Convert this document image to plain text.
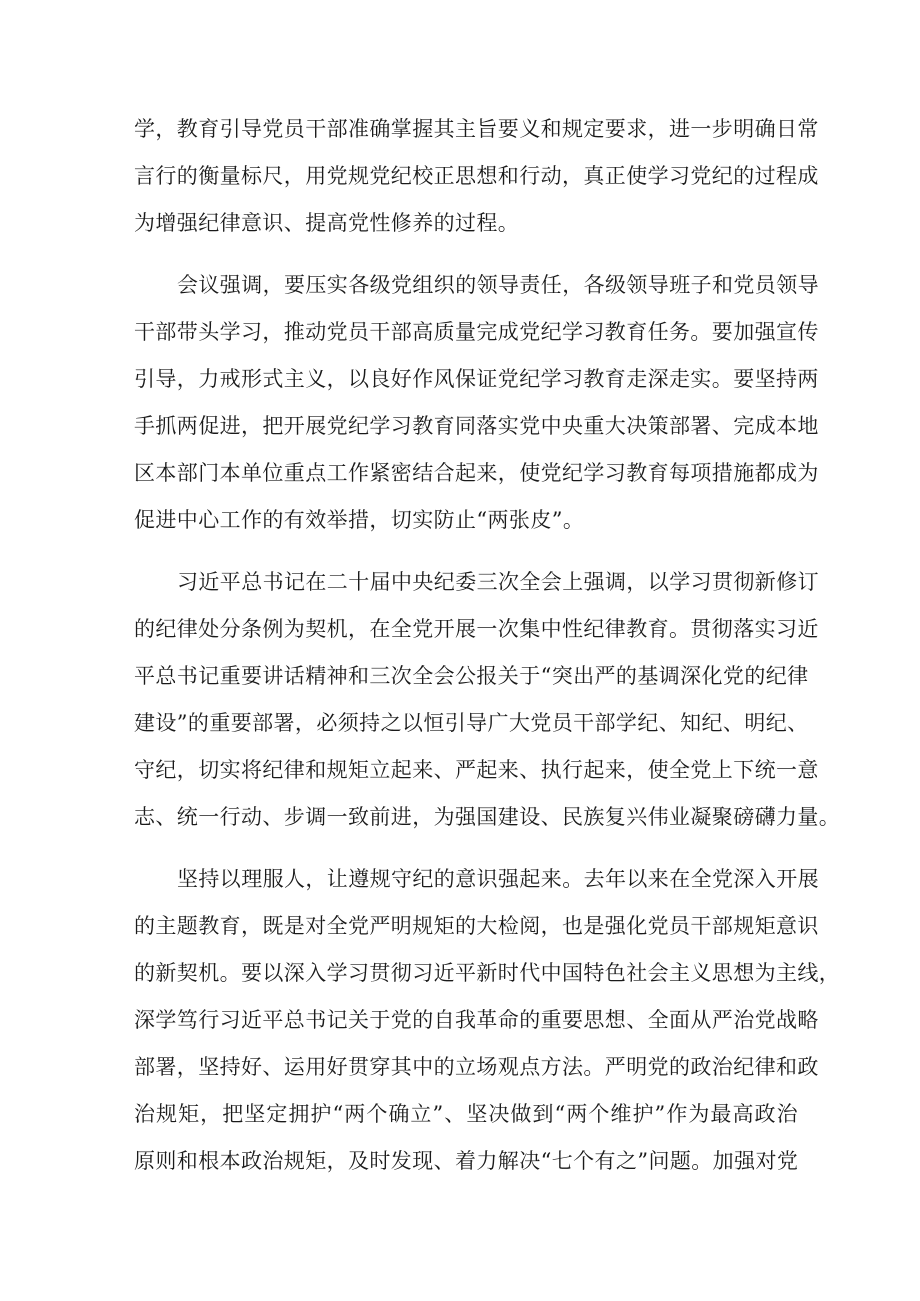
学，教育引导党员干部准确掌握其主旨要义和规定要求，进一步明确日常
言行的衡量标尺，用党规党纪校正思想和行动，真正使学习党纪的过程成
为增强纪律意识、提高党性修养的过程。
会议强调，要压实各级党组织的领导责任，各级领导班子和党员领导
干部带头学习，推动党员干部高质量完成党纪学习教育任务。要加强宣传
引导，力戒形式主义，以良好作风保证党纪学习教育走深走实。要坚持两
手抓两促进，把开展党纪学习教育同落实党中央重大决策部署、完成本地
区本部门本单位重点工作紧密结合起来，使党纪学习教育每项措施都成为
促进中心工作的有效举措，切实防止“两张皮”。
习近平总书记在二十届中央纪委三次全会上强调，以学习贯彻新修订
的纪律处分条例为契机，在全党开展一次集中性纪律教育。贯彻落实习近
平总书记重要讲话精神和三次全会公报关于“突出严的基调深化党的纪律
建设”的重要部署，必须持之以恒引导广大党员干部学纪、知纪、明纪、
守纪，切实将纪律和规矩立起来、严起来、执行起来，使全党上下统一意
志、统一行动、步调一致前进，为强国建设、民族复兴伟业凝聚磅礴力量。
坚持以理服人，让遵规守纪的意识强起来。去年以来在全党深入开展
的主题教育，既是对全党严明规矩的大检阅，也是强化党员干部规矩意识
的新契机。要以深入学习贯彻习近平新时代中国特色社会主义思想为主线，
深学笃行习近平总书记关于党的自我革命的重要思想、全面从严治党战略
部署，坚持好、运用好贯穿其中的立场观点方法。严明党的政治纪律和政
治规矩，把坚定拥护“两个确立”、坚决做到“两个维护”作为最高政治
原则和根本政治规矩，及时发现、着力解决“七个有之”问题。加强对党
